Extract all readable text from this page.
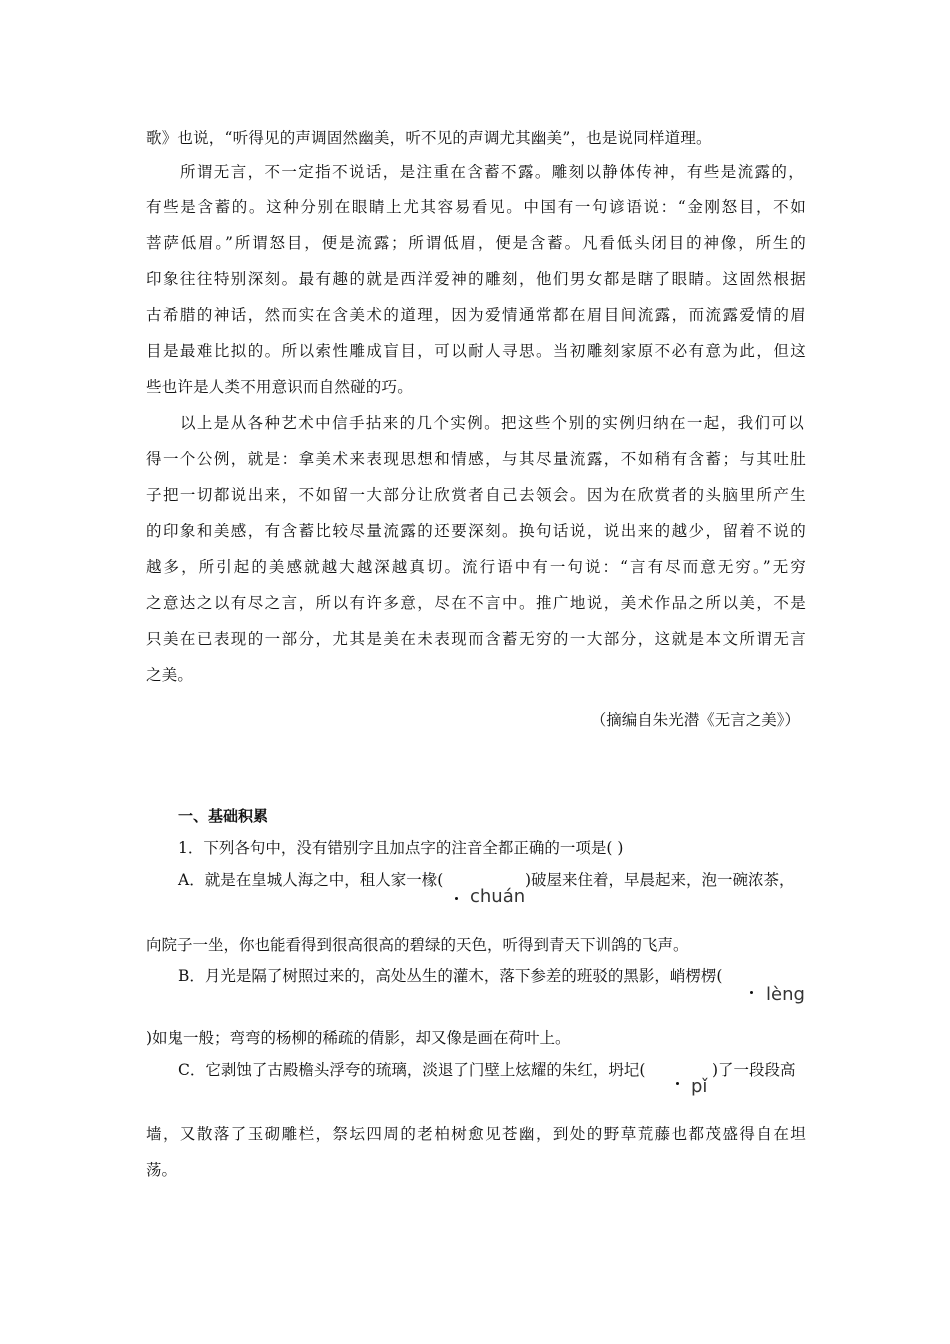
歌》也说，“听得见的声调固然幽美，听不见的声调尤其幽美”，也是说同样道理。
所谓无言，不一定指不说话，是注重在含蓄不露。雕刻以静体传神，有些是流露的，
有些是含蓄的。这种分别在眼睛上尤其容易看见。中国有一句谚语说：“金刚怒目，不如
菩萨低眉。”所谓怒目，便是流露；所谓低眉，便是含蓄。凡看低头闭目的神像，所生的
印象往往特别深刻。最有趣的就是西洋爱神的雕刻，他们男女都是瞎了眼睛。这固然根据
古希腊的神话，然而实在含美术的道理，因为爱情通常都在眉目间流露，而流露爱情的眉
目是最难比拟的。所以索性雕成盲目，可以耐人寻思。当初雕刻家原不必有意为此，但这
些也许是人类不用意识而自然碰的巧。
以上是从各种艺术中信手拈来的几个实例。把这些个别的实例归纳在一起，我们可以
得一个公例，就是：拿美术来表现思想和情感，与其尽量流露，不如稍有含蓄；与其吐肚
子把一切都说出来，不如留一大部分让欣赏者自己去领会。因为在欣赏者的头脑里所产生
的印象和美感，有含蓄比较尽量流露的还要深刻。换句话说，说出来的越少，留着不说的
越多，所引起的美感就越大越深越真切。流行语中有一句说：“言有尽而意无穷。”无穷
之意达之以有尽之言，所以有许多意，尽在不言中。推广地说，美术作品之所以美，不是
只美在已表现的一部分，尤其是美在未表现而含蓄无穷的一大部分，这就是本文所谓无言
之美。
（摘编自朱光潜《无言之美》）
一、基础积累
1．下列各句中，没有错别字且加点字的注音全都正确的一项是( )
A．就是在皇城人海之中，租人家一椽(
chuán
)破屋来住着，早晨起来，泡一碗浓茶，
向院子一坐，你也能看得到很高很高的碧绿的天色，听得到青天下训鸽的飞声。
B．月光是隔了树照过来的，高处丛生的灌木，落下参差的班驳的黑影，峭楞楞(
lèng
)如鬼一般；弯弯的杨柳的稀疏的倩影，却又像是画在荷叶上。
C．它剥蚀了古殿檐头浮夸的琉璃，淡退了门壁上炫耀的朱红，坍圮(
pǐ
)了一段段高
墙，又散落了玉砌雕栏，祭坛四周的老柏树愈见苍幽，到处的野草荒藤也都茂盛得自在坦
荡。
